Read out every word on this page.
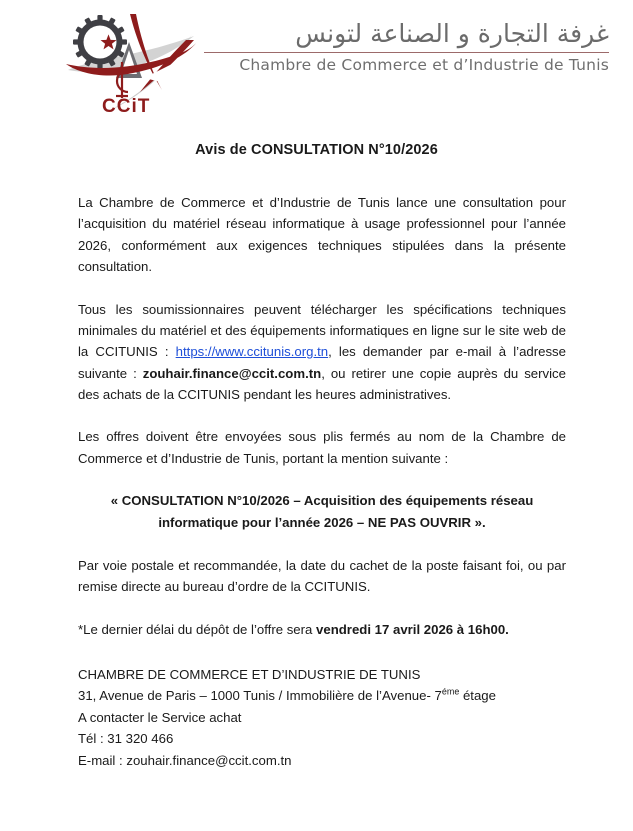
CCiT
غرفة التجارة و الصناعة لتونس
Chambre de Commerce et d’Industrie de Tunis
Avis de CONSULTATION N°10/2026

La Chambre de Commerce et d’Industrie de Tunis lance une consultation pour l’acquisition du matériel réseau informatique à usage professionnel pour l’année 2026, conformément aux exigences techniques stipulées dans la présente consultation.

Tous les soumissionnaires peuvent télécharger les spécifications techniques minimales du matériel et des équipements informatiques en ligne sur le site web de la CCITUNIS : https://www.ccitunis.org.tn, les demander par e-mail à l’adresse suivante : zouhair.finance@ccit.com.tn, ou retirer une copie auprès du service des achats de la CCITUNIS pendant les heures administratives.

Les offres doivent être envoyées sous plis fermés au nom de la Chambre de Commerce et d’Industrie de Tunis, portant la mention suivante :

« CONSULTATION N°10/2026 – Acquisition des équipements réseau
informatique pour l’année 2026 – NE PAS OUVRIR ».

Par voie postale et recommandée, la date du cachet de la poste faisant foi, ou par remise directe au bureau d’ordre de la CCITUNIS.

*Le dernier délai du dépôt de l’offre sera vendredi 17 avril 2026 à 16h00.
CHAMBRE DE COMMERCE ET D’INDUSTRIE DE TUNIS
31, Avenue de Paris – 1000 Tunis / Immobilière de l’Avenue- $7^{éme}$ étage
A contacter le Service achat
Tél : 31 320 466
E-mail : zouhair.finance@ccit.com.tn
